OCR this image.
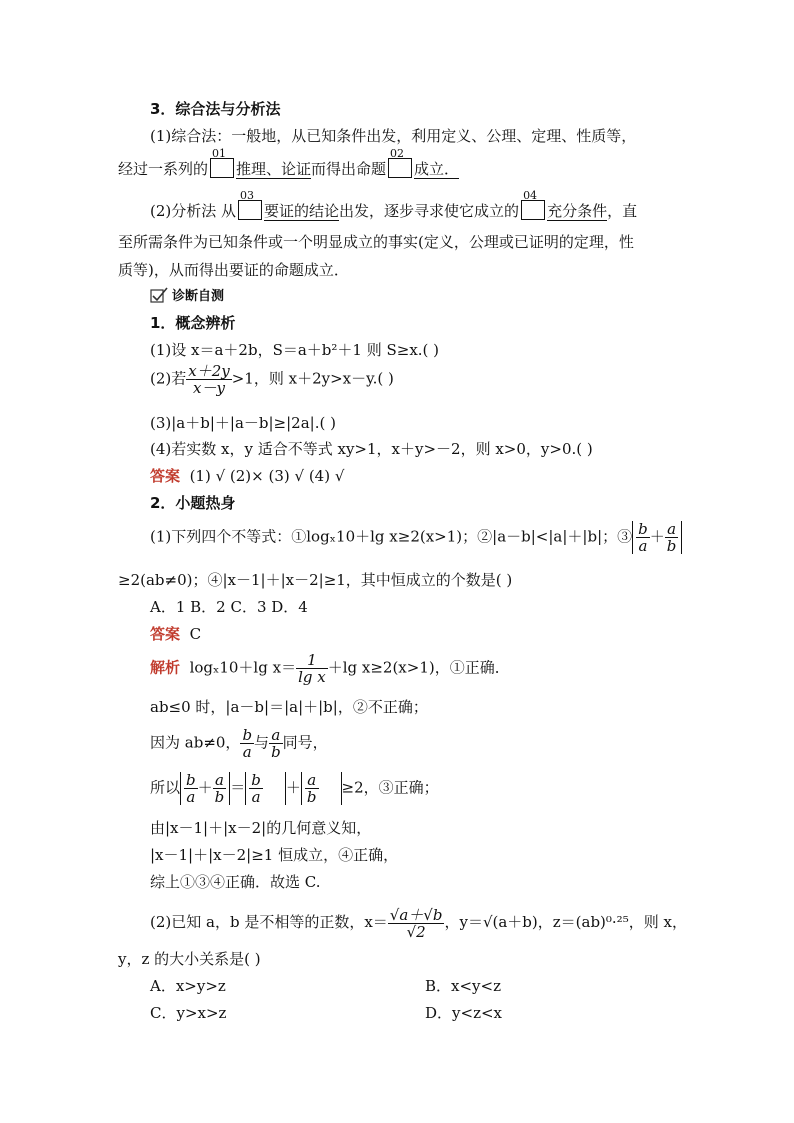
3．综合法与分析法
(1)综合法：一般地，从已知条件出发，利用定义、公理、定理、性质等，
经过一系列的
01
推理、论证而得出命题
02
成立．
(2)分析法 从
03
要证的结论出发，逐步寻求使它成立的
04
充分条件，直
至所需条件为已知条件或一个明显成立的事实(定义，公理或已证明的定理，性
质等)，从而得出要证的命题成立．
诊断自测
1．概念辨析
(1)设 x＝a＋2b，S＝a＋b²＋1 则 S≥x.( )
(2)若 $\frac{x+2y}{x-y} >1$，则 x＋2y>x－y.( )
(3)|a＋b|＋|a－b|≥|2a|.( )
(4)若实数 x，y 适合不等式 xy>1，x＋y>－2，则 x>0，y>0.( )
答案 (1) √ (2)× (3) √ (4) √
2．小题热身
(1)下列四个不等式：①logₓ10＋lg x≥2(x>1)；②|a－b|<|a|＋|b|；③ $\frac{b}{a} + \frac{a}{b}$
≥2(ab≠0)；④|x－1|＋|x－2|≥1，其中恒成立的个数是( )
A．1 B．2 C．3 D．4
答案 C
解析 logₓ10＋lg $x= \frac{1}{\text{lg x}} +\lg$ x≥2(x>1)，①正确．
ab≤0 时，|a－b|＝|a|＋|b|，②不正确；
因为 ab≠0， $\frac{b}{a}$ 与 $\frac{a}{b}$ 同号，
所以 $\frac{b}{a} + \frac{a}{b} = \frac{b}{a} + \frac{a}{b} \ge 2$，③正确；
由|x－1|＋|x－2|的几何意义知，
|x－1|＋|x－2|≥1 恒成立，④正确，
综上①③④正确．故选 C.
(2)已知 a，b 是不相等的正数，$x= \frac{√a+√b}{√2}$ ，y＝√(a＋b)，z＝(ab)⁰·²⁵，则 x，
y，z 的大小关系是( )
A．x>y>z	B．x<y<z
C．y>x>z	D．y<z<x
